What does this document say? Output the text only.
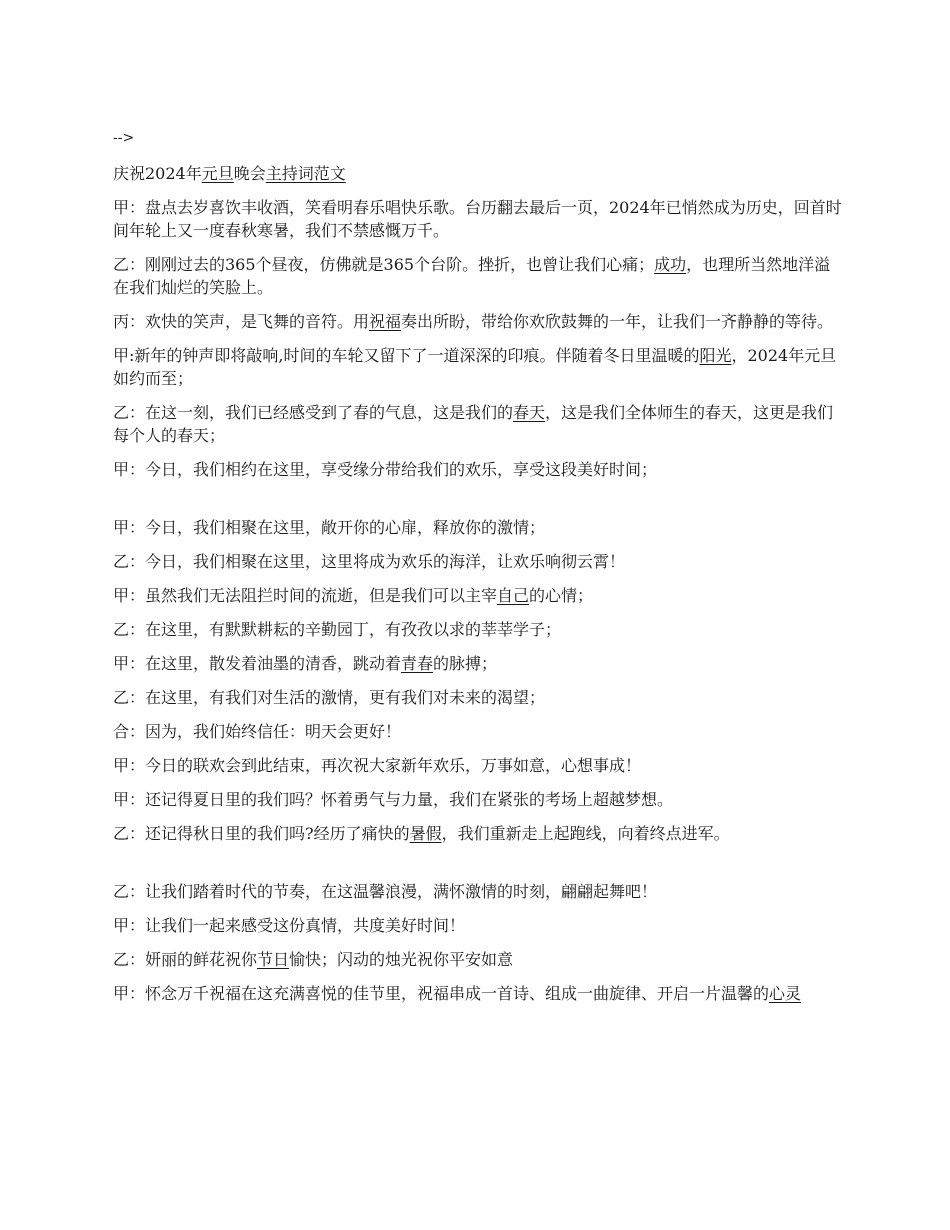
-->

庆祝2024年元旦晚会主持词范文

甲：盘点去岁喜饮丰收酒，笑看明春乐唱快乐歌。台历翻去最后一页，2024年已悄然成为历史，回首时间年轮上又一度春秋寒暑，我们不禁感慨万千。

乙：刚刚过去的365个昼夜，仿佛就是365个台阶。挫折，也曾让我们心痛；成功，也理所当然地洋溢在我们灿烂的笑脸上。

丙：欢快的笑声，是飞舞的音符。用祝福奏出所盼，带给你欢欣鼓舞的一年，让我们一齐静静的等待。

甲:新年的钟声即将敲响,时间的车轮又留下了一道深深的印痕。伴随着冬日里温暖的阳光，2024年元旦如约而至；

乙：在这一刻，我们已经感受到了春的气息，这是我们的春天，这是我们全体师生的春天，这更是我们每个人的春天；

甲：今日，我们相约在这里，享受缘分带给我们的欢乐，享受这段美好时间；

甲：今日，我们相聚在这里，敞开你的心扉，释放你的激情；

乙：今日，我们相聚在这里，这里将成为欢乐的海洋，让欢乐响彻云霄！

甲：虽然我们无法阻拦时间的流逝，但是我们可以主宰自己的心情；

乙：在这里，有默默耕耘的辛勤园丁，有孜孜以求的莘莘学子；

甲：在这里，散发着油墨的清香，跳动着青春的脉搏；

乙：在这里，有我们对生活的激情，更有我们对未来的渴望；

合：因为，我们始终信任：明天会更好！

甲：今日的联欢会到此结束，再次祝大家新年欢乐，万事如意，心想事成！

甲：还记得夏日里的我们吗？怀着勇气与力量，我们在紧张的考场上超越梦想。

乙：还记得秋日里的我们吗?经历了痛快的暑假，我们重新走上起跑线，向着终点进军。

乙：让我们踏着时代的节奏，在这温馨浪漫，满怀激情的时刻，翩翩起舞吧！

甲：让我们一起来感受这份真情，共度美好时间！

乙：妍丽的鲜花祝你节日愉快；闪动的烛光祝你平安如意

甲：怀念万千祝福在这充满喜悦的佳节里，祝福串成一首诗、组成一曲旋律、开启一片温馨的心灵
